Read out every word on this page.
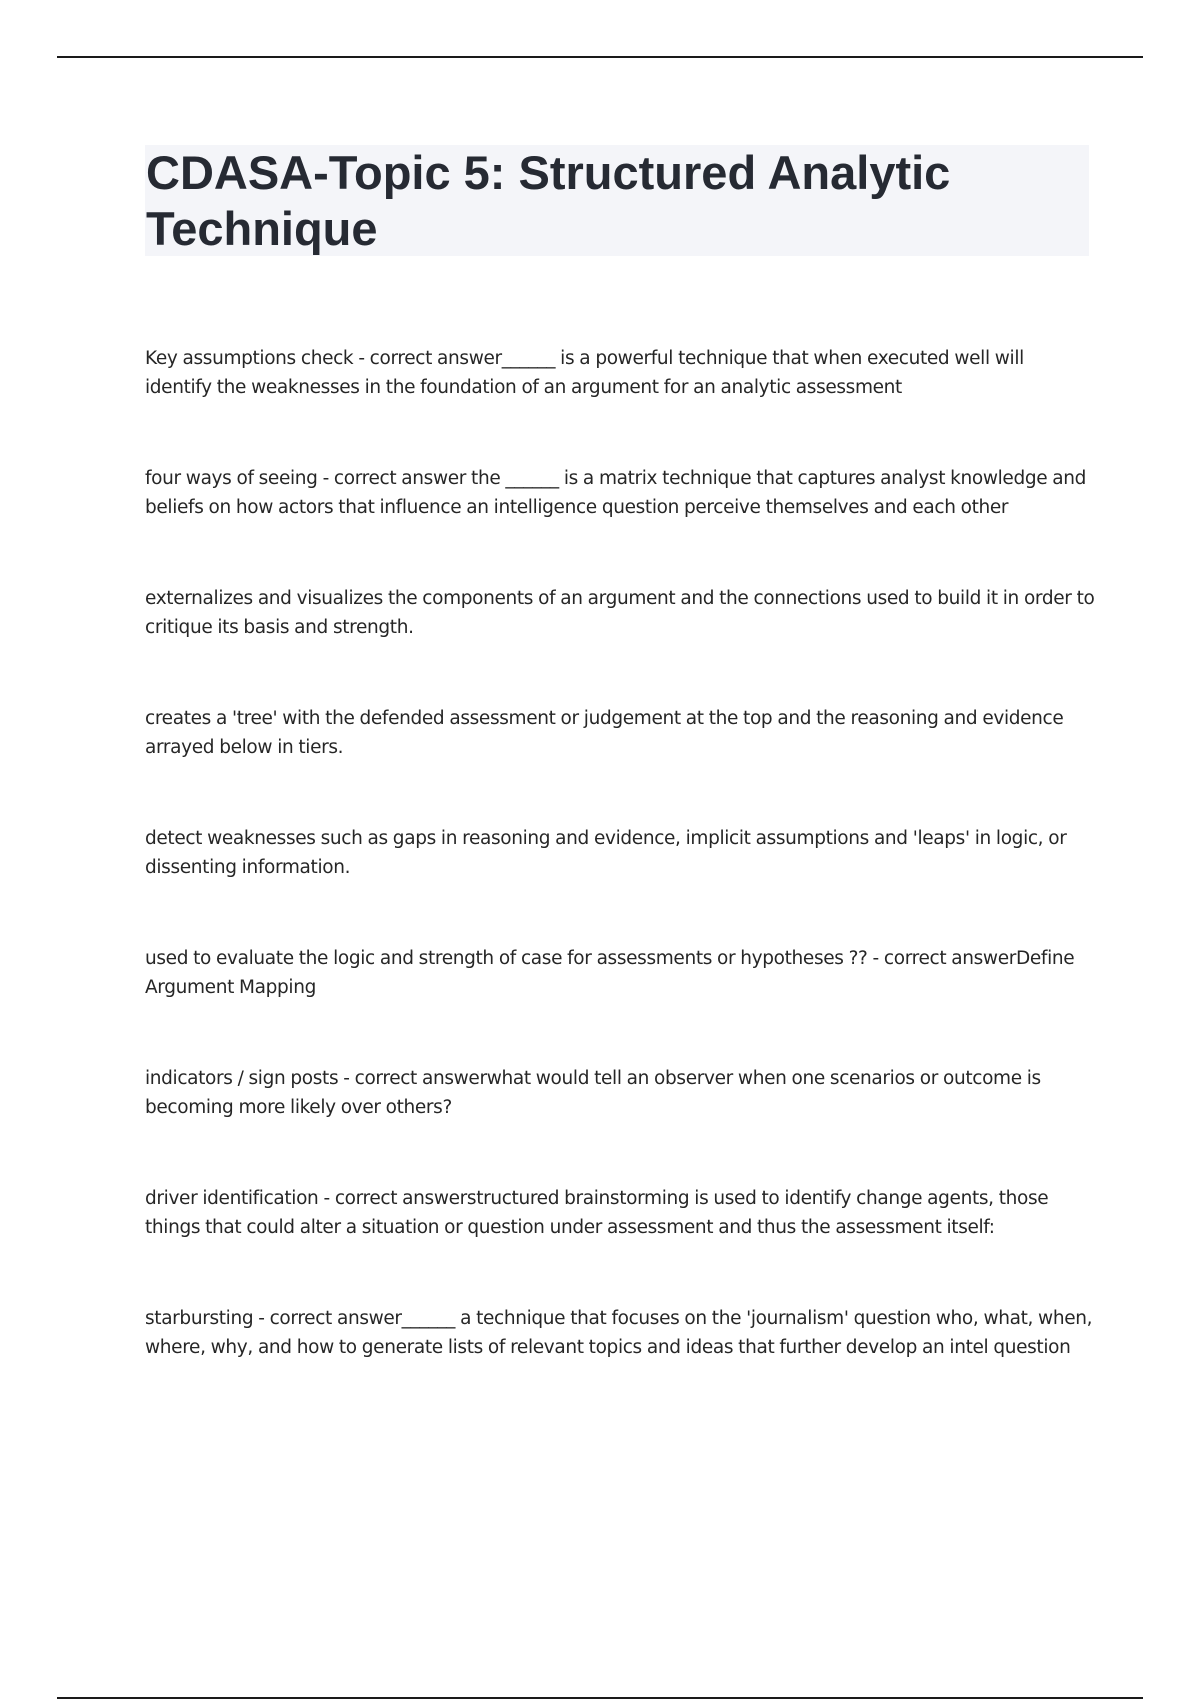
CDASA-Topic 5: Structured Analytic Technique

Key assumptions check - correct answer______ is a powerful technique that when executed well will identify the weaknesses in the foundation of an argument for an analytic assessment

four ways of seeing - correct answer the ______ is a matrix technique that captures analyst knowledge and beliefs on how actors that influence an intelligence question perceive themselves and each other

externalizes and visualizes the components of an argument and the connections used to build it in order to critique its basis and strength.

creates a 'tree' with the defended assessment or judgement at the top and the reasoning and evidence arrayed below in tiers.

detect weaknesses such as gaps in reasoning and evidence, implicit assumptions and 'leaps' in logic, or dissenting information.

used to evaluate the logic and strength of case for assessments or hypotheses ?? - correct answerDefine Argument Mapping

indicators / sign posts - correct answerwhat would tell an observer when one scenarios or outcome is becoming more likely over others?

driver identification - correct answerstructured brainstorming is used to identify change agents, those things that could alter a situation or question under assessment and thus the assessment itself:

starbursting - correct answer______ a technique that focuses on the 'journalism' question who, what, when, where, why, and how to generate lists of relevant topics and ideas that further develop an intel question
